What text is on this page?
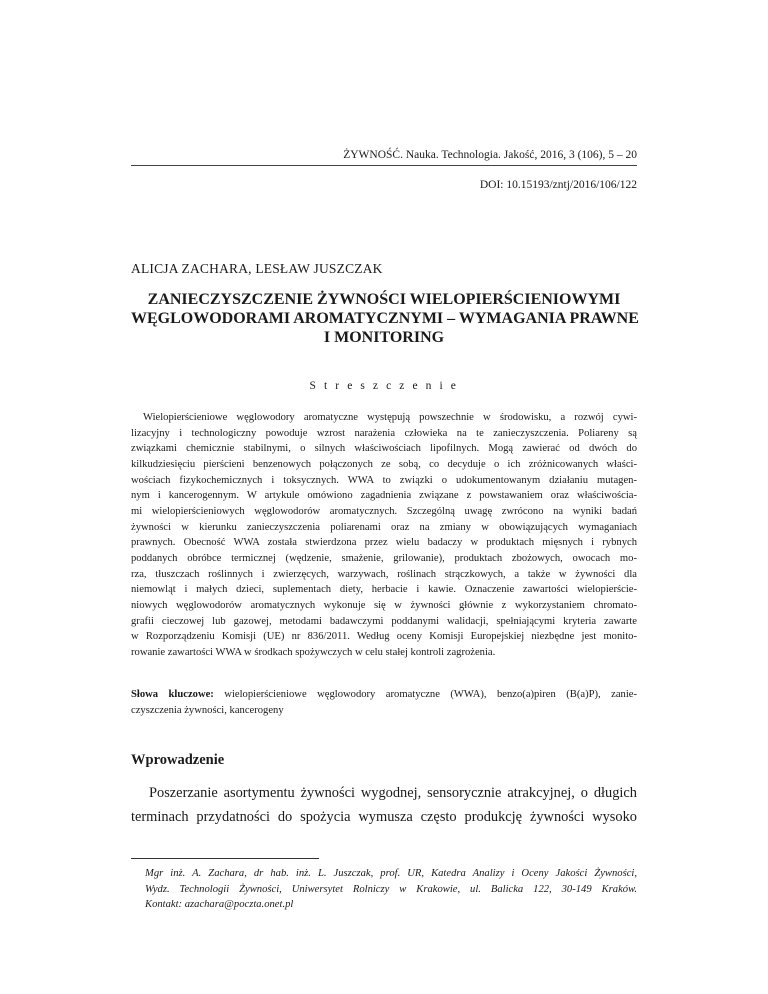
ŻYWNOŚĆ. Nauka. Technologia. Jakość, 2016, 3 (106), 5 – 20
DOI: 10.15193/zntj/2016/106/122
ALICJA ZACHARA, LESŁAW JUSZCZAK
ZANIECZYSZCZENIE ŻYWNOŚCI WIELOPIERŚCIENIOWYMI
WĘGLOWODORAMI AROMATYCZNYMI – WYMAGANIA PRAWNE
I MONITORING
S t r e s z c z e n i e
Wielopierścieniowe węglowodory aromatyczne występują powszechnie w środowisku, a rozwój cywi-
lizacyjny i technologiczny powoduje wzrost narażenia człowieka na te zanieczyszczenia. Poliareny są
związkami chemicznie stabilnymi, o silnych właściwościach lipofilnych. Mogą zawierać od dwóch do
kilkudziesięciu pierścieni benzenowych połączonych ze sobą, co decyduje o ich zróżnicowanych właści-
wościach fizykochemicznych i toksycznych. WWA to związki o udokumentowanym działaniu mutagen-
nym i kancerogennym. W artykule omówiono zagadnienia związane z powstawaniem oraz właściwościa-
mi wielopierścieniowych węglowodorów aromatycznych. Szczególną uwagę zwrócono na wyniki badań
żywności w kierunku zanieczyszczenia poliarenami oraz na zmiany w obowiązujących wymaganiach
prawnych. Obecność WWA została stwierdzona przez wielu badaczy w produktach mięsnych i rybnych
poddanych obróbce termicznej (wędzenie, smażenie, grilowanie), produktach zbożowych, owocach mo-
rza, tłuszczach roślinnych i zwierzęcych, warzywach, roślinach strączkowych, a także w żywności dla
niemowląt i małych dzieci, suplementach diety, herbacie i kawie. Oznaczenie zawartości wielopierście-
niowych węglowodorów aromatycznych wykonuje się w żywności głównie z wykorzystaniem chromato-
grafii cieczowej lub gazowej, metodami badawczymi poddanymi walidacji, spełniającymi kryteria zawarte
w Rozporządzeniu Komisji (UE) nr 836/2011. Według oceny Komisji Europejskiej niezbędne jest monito-
rowanie zawartości WWA w środkach spożywczych w celu stałej kontroli zagrożenia.
Słowa kluczowe: wielopierścieniowe węglowodory aromatyczne (WWA), benzo(a)piren (B(a)P), zanie-
czyszczenia żywności, kancerogeny
Wprowadzenie
Poszerzanie asortymentu żywności wygodnej, sensorycznie atrakcyjnej, o długich
terminach przydatności do spożycia wymusza często produkcję żywności wysoko
Mgr inż. A. Zachara, dr hab. inż. L. Juszczak, prof. UR, Katedra Analizy i Oceny Jakości Żywności,
Wydz. Technologii Żywności, Uniwersytet Rolniczy w Krakowie, ul. Balicka 122, 30-149 Kraków.
Kontakt: azachara@poczta.onet.pl
